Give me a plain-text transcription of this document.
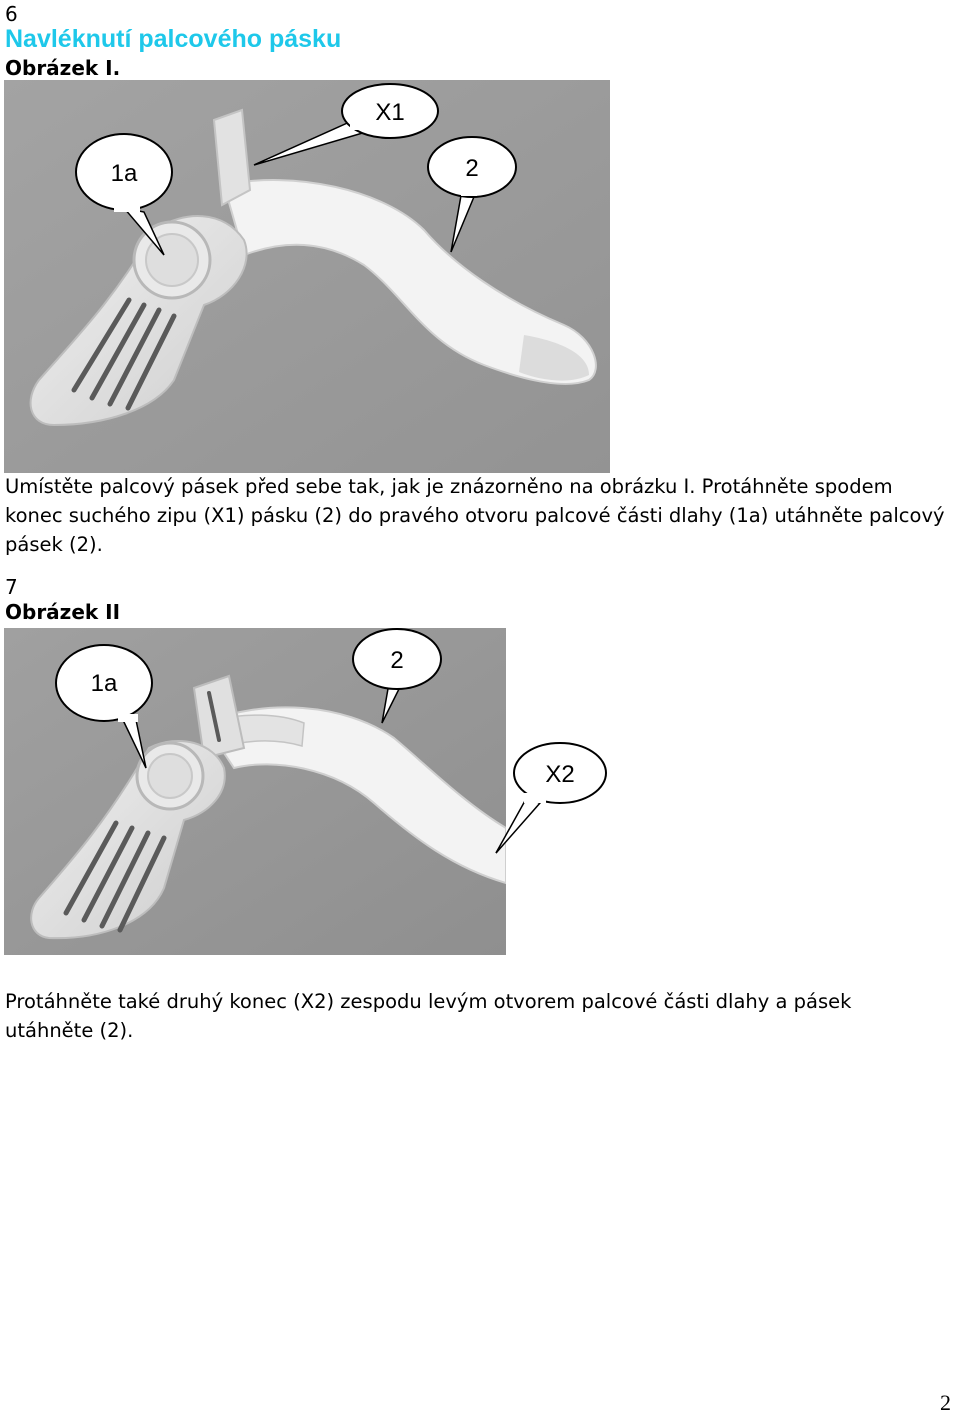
6
Navléknutí palcového pásku
Obrázek I.
1a
X1
2

Umístěte palcový pásek před sebe tak, jak je znázorněno na obrázku I. Protáhněte spodem konec suchého zipu (X1) pásku (2) do pravého otvoru palcové části dlahy (1a) utáhněte palcový pásek (2).

7
Obrázek II
1a
2
X2

Protáhněte také druhý konec (X2) zespodu levým otvorem palcové části dlahy a pásek utáhněte (2).

2
